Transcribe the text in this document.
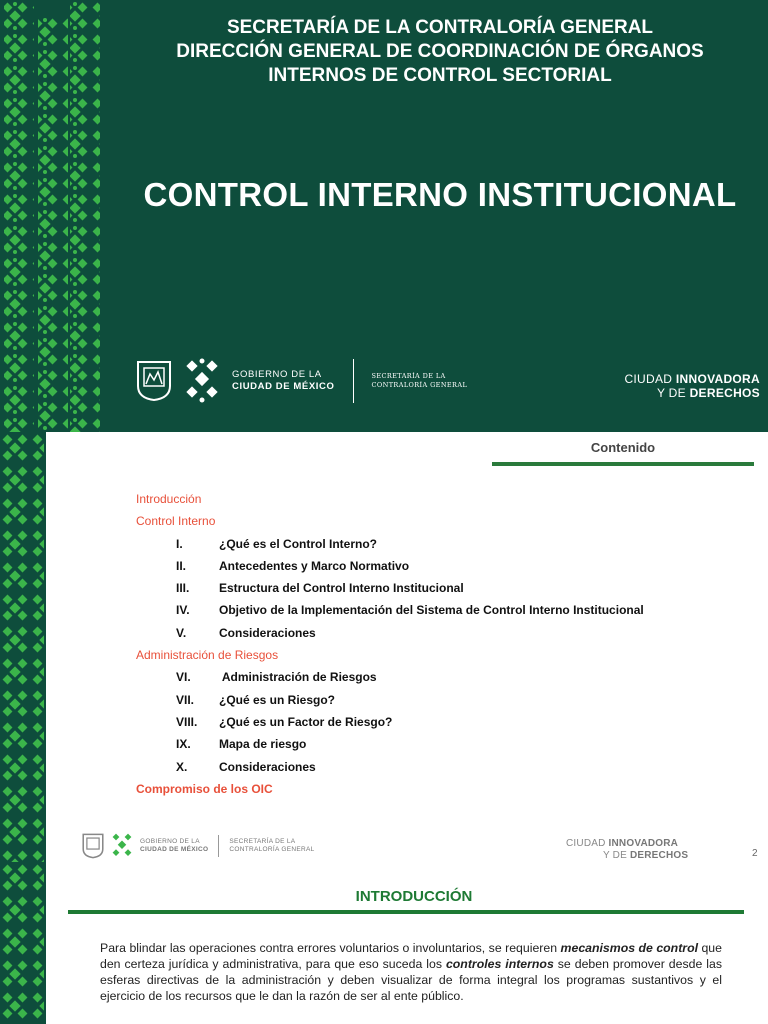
SECRETARÍA DE LA CONTRALORÍA GENERAL
DIRECCIÓN GENERAL DE COORDINACIÓN DE ÓRGANOS
INTERNOS DE CONTROL SECTORIAL
CONTROL INTERNO INSTITUCIONAL
GOBIERNO DE LA
CIUDAD DE MÉXICO
SECRETARÍA DE LA
CONTRALORÍA GENERAL	CIUDAD INNOVADORA
Y DE DERECHOS
Contenido
Introducción
Control Interno
I.	¿Qué es el Control Interno?
II.	Antecedentes y Marco Normativo
III.	Estructura del Control Interno Institucional
IV.	Objetivo de la Implementación del Sistema de Control Interno Institucional
V.	Consideraciones
Administración de Riesgos
VI.	Administración de Riesgos
VII.	¿Qué es un Riesgo?
VIII.	¿Qué es un Factor de Riesgo?
IX.	Mapa de riesgo
X.	Consideraciones
Compromiso de los OIC
GOBIERNO DE LA
CIUDAD DE MÉXICO
SECRETARÍA DE LA
CONTRALORÍA GENERAL
CIUDAD INNOVADORA
Y DE DERECHOS	2
INTRODUCCIÓN

Para blindar las operaciones contra errores voluntarios o involuntarios, se requieren mecanismos de control que den certeza jurídica y administrativa, para que eso suceda los controles internos se deben promover desde las esferas directivas de la administración y deben visualizar de forma integral los programas sustantivos y el ejercicio de los recursos que le dan la razón de ser al ente público.
